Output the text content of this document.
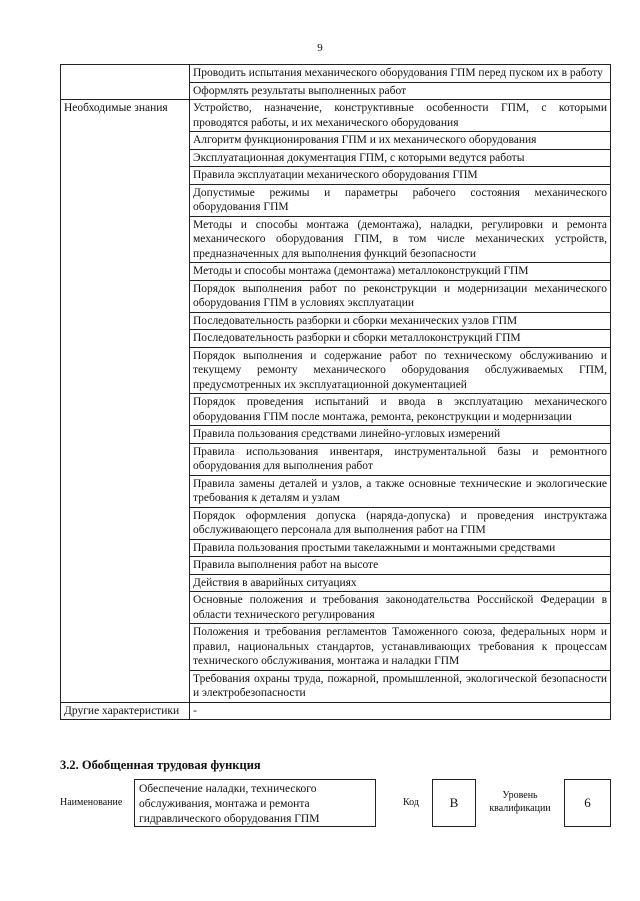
9
	Проводить испытания механического оборудования ГПМ перед пуском их в работу
	Оформлять результаты выполненных работ
Необходимые знания	Устройство, назначение, конструктивные особенности ГПМ, с которыми проводятся работы, и их механического оборудования
	Алгоритм функционирования ГПМ и их механического оборудования
	Эксплуатационная документация ГПМ, с которыми ведутся работы
	Правила эксплуатации механического оборудования ГПМ
	Допустимые режимы и параметры рабочего состояния механического оборудования ГПМ
	Методы и способы монтажа (демонтажа), наладки, регулировки и ремонта механического оборудования ГПМ, в том числе механических устройств, предназначенных для выполнения функций безопасности
	Методы и способы монтажа (демонтажа) металлоконструкций ГПМ
	Порядок выполнения работ по реконструкции и модернизации механического оборудования ГПМ в условиях эксплуатации
	Последовательность разборки и сборки механических узлов ГПМ
	Последовательность разборки и сборки металлоконструкций ГПМ
	Порядок выполнения и содержание работ по техническому обслуживанию и текущему ремонту механического оборудования обслуживаемых ГПМ, предусмотренных их эксплуатационной документацией
	Порядок проведения испытаний и ввода в эксплуатацию механического оборудования ГПМ после монтажа, ремонта, реконструкции и модернизации
	Правила пользования средствами линейно-угловых измерений
	Правила использования инвентаря, инструментальной базы и ремонтного оборудования для выполнения работ
	Правила замены деталей и узлов, а также основные технические и экологические требования к деталям и узлам
	Порядок оформления допуска (наряда-допуска) и проведения инструктажа обслуживающего персонала для выполнения работ на ГПМ
	Правила пользования простыми такелажными и монтажными средствами
	Правила выполнения работ на высоте
	Действия в аварийных ситуациях
	Основные положения и требования законодательства Российской Федерации в области технического регулирования
	Положения и требования регламентов Таможенного союза, федеральных норм и правил, национальных стандартов, устанавливающих требования к процессам технического обслуживания, монтажа и наладки ГПМ
	Требования охраны труда, пожарной, промышленной, экологической безопасности и электробезопасности
Другие характеристики	-
3.2. Обобщенная трудовая функция
Наименование
Обеспечение наладки, технического обслуживания, монтажа и ремонта гидравлического оборудования ГПМ
Код	B	Уровень квалификации	6
